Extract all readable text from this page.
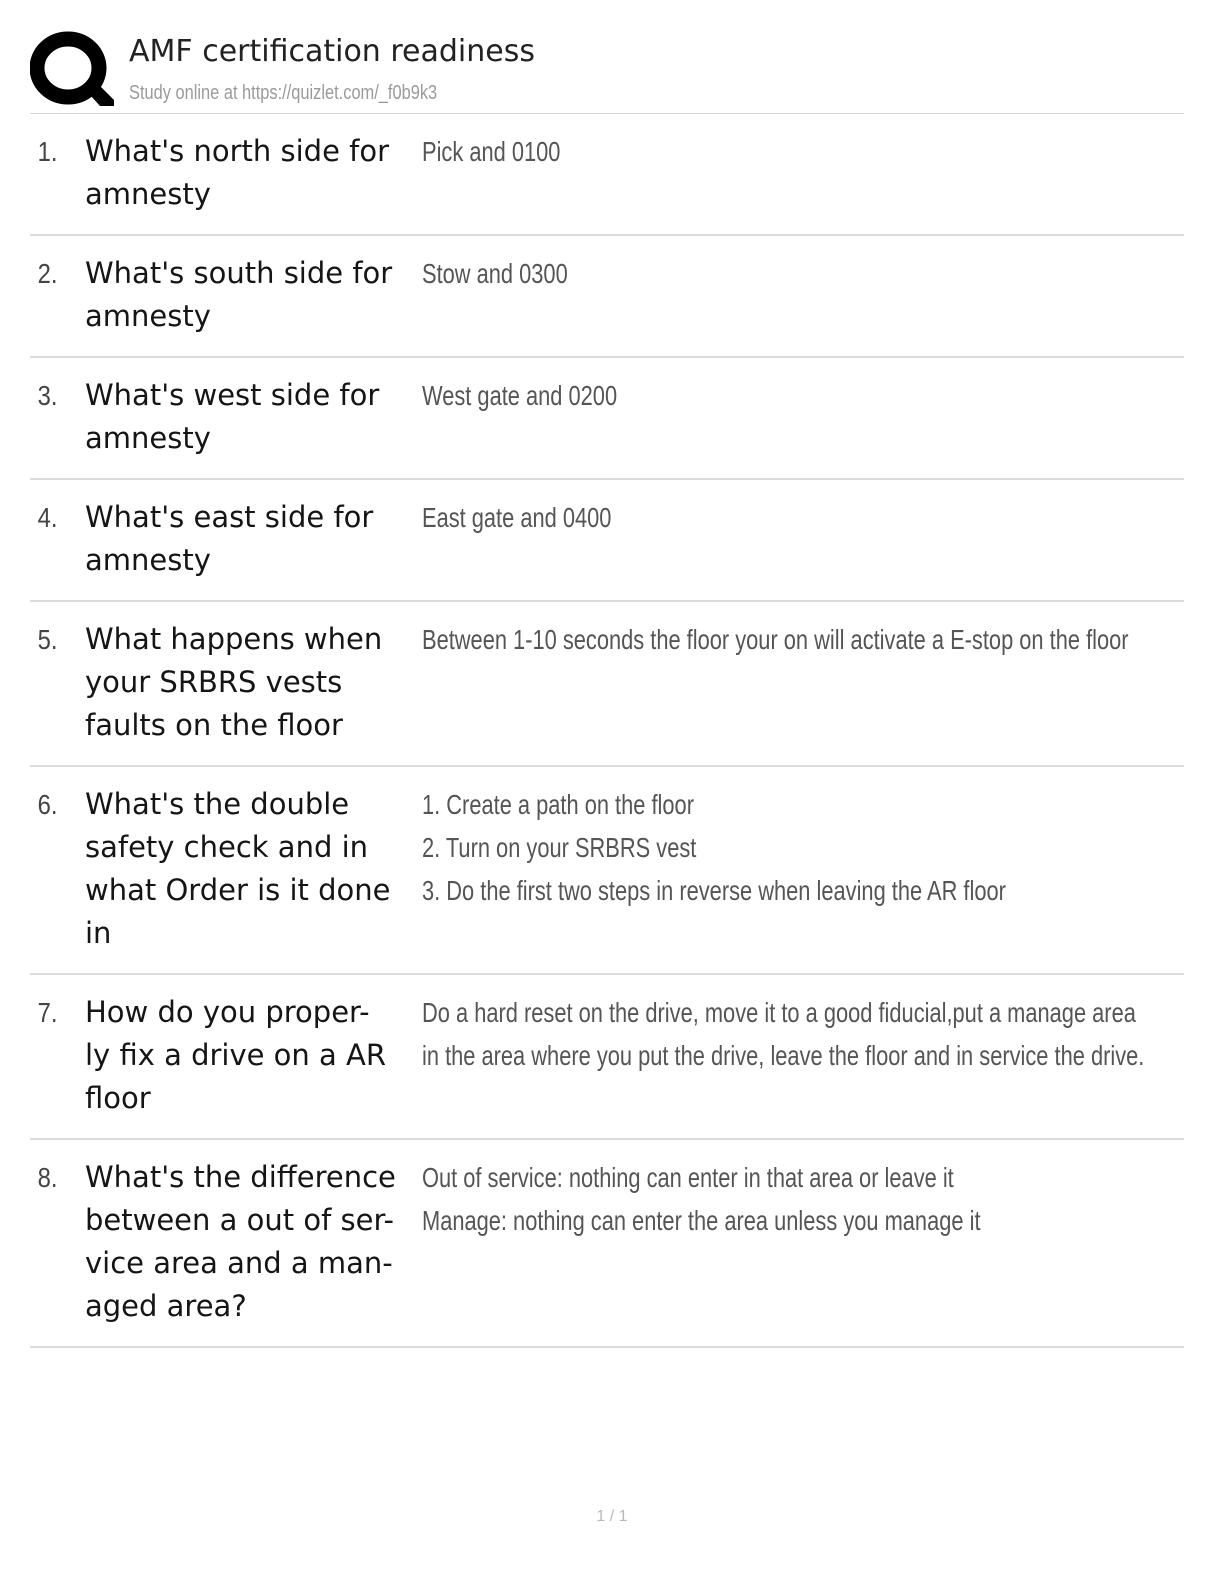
AMF certification readiness
Study online at https://quizlet.com/_f0b9k3
1. What's north side for
amnesty
Pick and 0100
2. What's south side for
amnesty
Stow and 0300
3. What's west side for
amnesty
West gate and 0200
4. What's east side for
amnesty
East gate and 0400
5. What happens when
your SRBRS vests
faults on the floor
Between 1-10 seconds the floor your on will activate a E-stop on the floor
6. What's the double
safety check and in
what Order is it done
in
1. Create a path on the floor
2. Turn on your SRBRS vest
3. Do the first two steps in reverse when leaving the AR floor
7. How do you proper-
ly fix a drive on a AR
floor
Do a hard reset on the drive, move it to a good fiducial,put a manage area
in the area where you put the drive, leave the floor and in service the drive.
8. What's the difference
between a out of ser-
vice area and a man-
aged area?
Out of service: nothing can enter in that area or leave it
Manage: nothing can enter the area unless you manage it
1 / 1
